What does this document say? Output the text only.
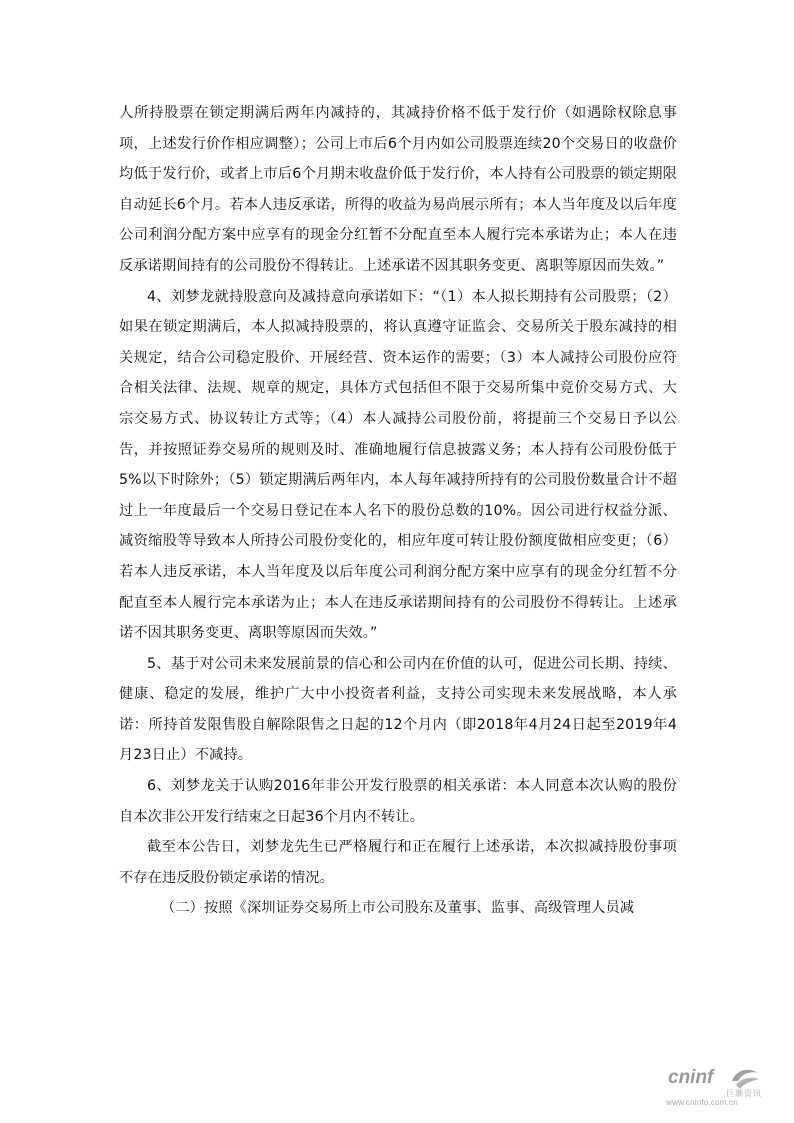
人所持股票在锁定期满后两年内减持的，其减持价格不低于发行价（如遇除权除息事项，上述发行价作相应调整）；公司上市后6个月内如公司股票连续20个交易日的收盘价均低于发行价，或者上市后6个月期末收盘价低于发行价，本人持有公司股票的锁定期限自动延长6个月。若本人违反承诺，所得的收益为易尚展示所有；本人当年度及以后年度公司利润分配方案中应享有的现金分红暂不分配直至本人履行完本承诺为止；本人在违反承诺期间持有的公司股份不得转让。上述承诺不因其职务变更、离职等原因而失效。”

4、刘梦龙就持股意向及减持意向承诺如下：“（1）本人拟长期持有公司股票；（2）如果在锁定期满后，本人拟减持股票的，将认真遵守证监会、交易所关于股东减持的相关规定，结合公司稳定股价、开展经营、资本运作的需要；（3）本人减持公司股份应符合相关法律、法规、规章的规定，具体方式包括但不限于交易所集中竞价交易方式、大宗交易方式、协议转让方式等；（4）本人减持公司股份前，将提前三个交易日予以公告，并按照证券交易所的规则及时、准确地履行信息披露义务；本人持有公司股份低于5%以下时除外；（5）锁定期满后两年内，本人每年减持所持有的公司股份数量合计不超过上一年度最后一个交易日登记在本人名下的股份总数的10%。因公司进行权益分派、减资缩股等导致本人所持公司股份变化的，相应年度可转让股份额度做相应变更；（6）若本人违反承诺，本人当年度及以后年度公司利润分配方案中应享有的现金分红暂不分配直至本人履行完本承诺为止；本人在违反承诺期间持有的公司股份不得转让。上述承诺不因其职务变更、离职等原因而失效。”

5、基于对公司未来发展前景的信心和公司内在价值的认可，促进公司长期、持续、健康、稳定的发展，维护广大中小投资者利益，支持公司实现未来发展战略，本人承诺：所持首发限售股自解除限售之日起的12个月内（即2018年4月24日起至2019年4月23日止）不减持。

6、刘梦龙关于认购2016年非公开发行股票的相关承诺：本人同意本次认购的股份自本次非公开发行结束之日起36个月内不转让。

截至本公告日，刘梦龙先生已严格履行和正在履行上述承诺，本次拟减持股份事项不存在违反股份锁定承诺的情况。

（二）按照《深圳证券交易所上市公司股东及董事、监事、高级管理人员减

cninf
巨潮资讯
www.cninfo.com.cn
